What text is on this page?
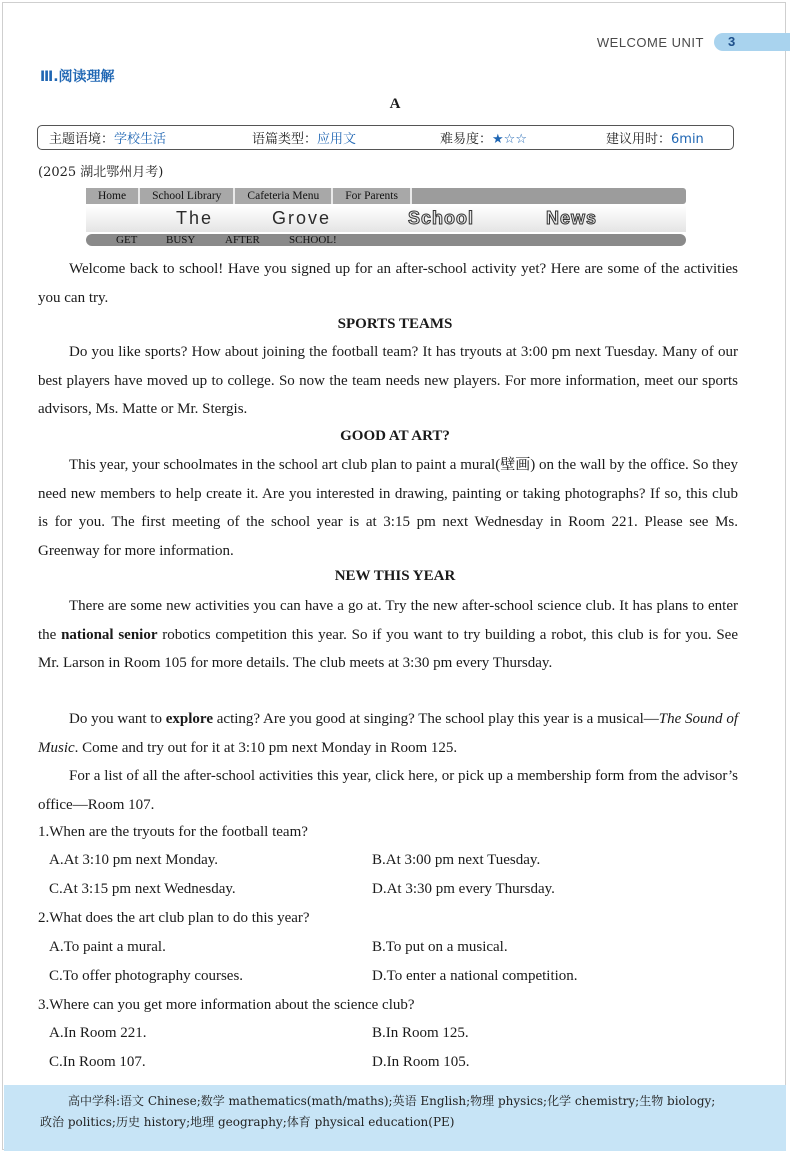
WELCOME UNIT	3
Ⅲ.阅读理解
A
主题语境：学校生活	语篇类型：应用文	难易度：★☆☆	建议用时：6min
(2025 湖北鄂州月考)
Home	School Library	Cafeteria Menu	For Parents
The	Grove	School	News
GET	BUSY	AFTER	SCHOOL!
Welcome back to school! Have you signed up for an after-school activity yet? Here are some of the activities you can try.
SPORTS TEAMS
Do you like sports? How about joining the football team? It has tryouts at 3:00 pm next Tuesday. Many of our best players have moved up to college. So now the team needs new players. For more information, meet our sports advisors, Ms. Matte or Mr. Stergis.
GOOD AT ART?
This year, your schoolmates in the school art club plan to paint a mural(壁画) on the wall by the office. So they need new members to help create it. Are you interested in drawing, painting or taking photographs? If so, this club is for you. The first meeting of the school year is at 3:15 pm next Wednesday in Room 221. Please see Ms. Greenway for more information.
NEW THIS YEAR
There are some new activities you can have a go at. Try the new after-school science club. It has plans to enter the national senior robotics competition this year. So if you want to try building a robot, this club is for you. See Mr. Larson in Room 105 for more details. The club meets at 3:30 pm every Thursday.
Do you want to explore acting? Are you good at singing? The school play this year is a musical—The Sound of Music. Come and try out for it at 3:10 pm next Monday in Room 125.
For a list of all the after-school activities this year, click here, or pick up a membership form from the advisor’s office—Room 107.
1.When are the tryouts for the football team?
A.At 3:10 pm next Monday.	B.At 3:00 pm next Tuesday.
C.At 3:15 pm next Wednesday.	D.At 3:30 pm every Thursday.
2.What does the art club plan to do this year?
A.To paint a mural.	B.To put on a musical.
C.To offer photography courses.	D.To enter a national competition.
3.Where can you get more information about the science club?
A.In Room 221.	B.In Room 125.
C.In Room 107.	D.In Room 105.
高中学科:语文 Chinese;数学 mathematics(math/maths);英语 English;物理 physics;化学 chemistry;生物 biology;
政治 politics;历史 history;地理 geography;体育 physical education(PE)
